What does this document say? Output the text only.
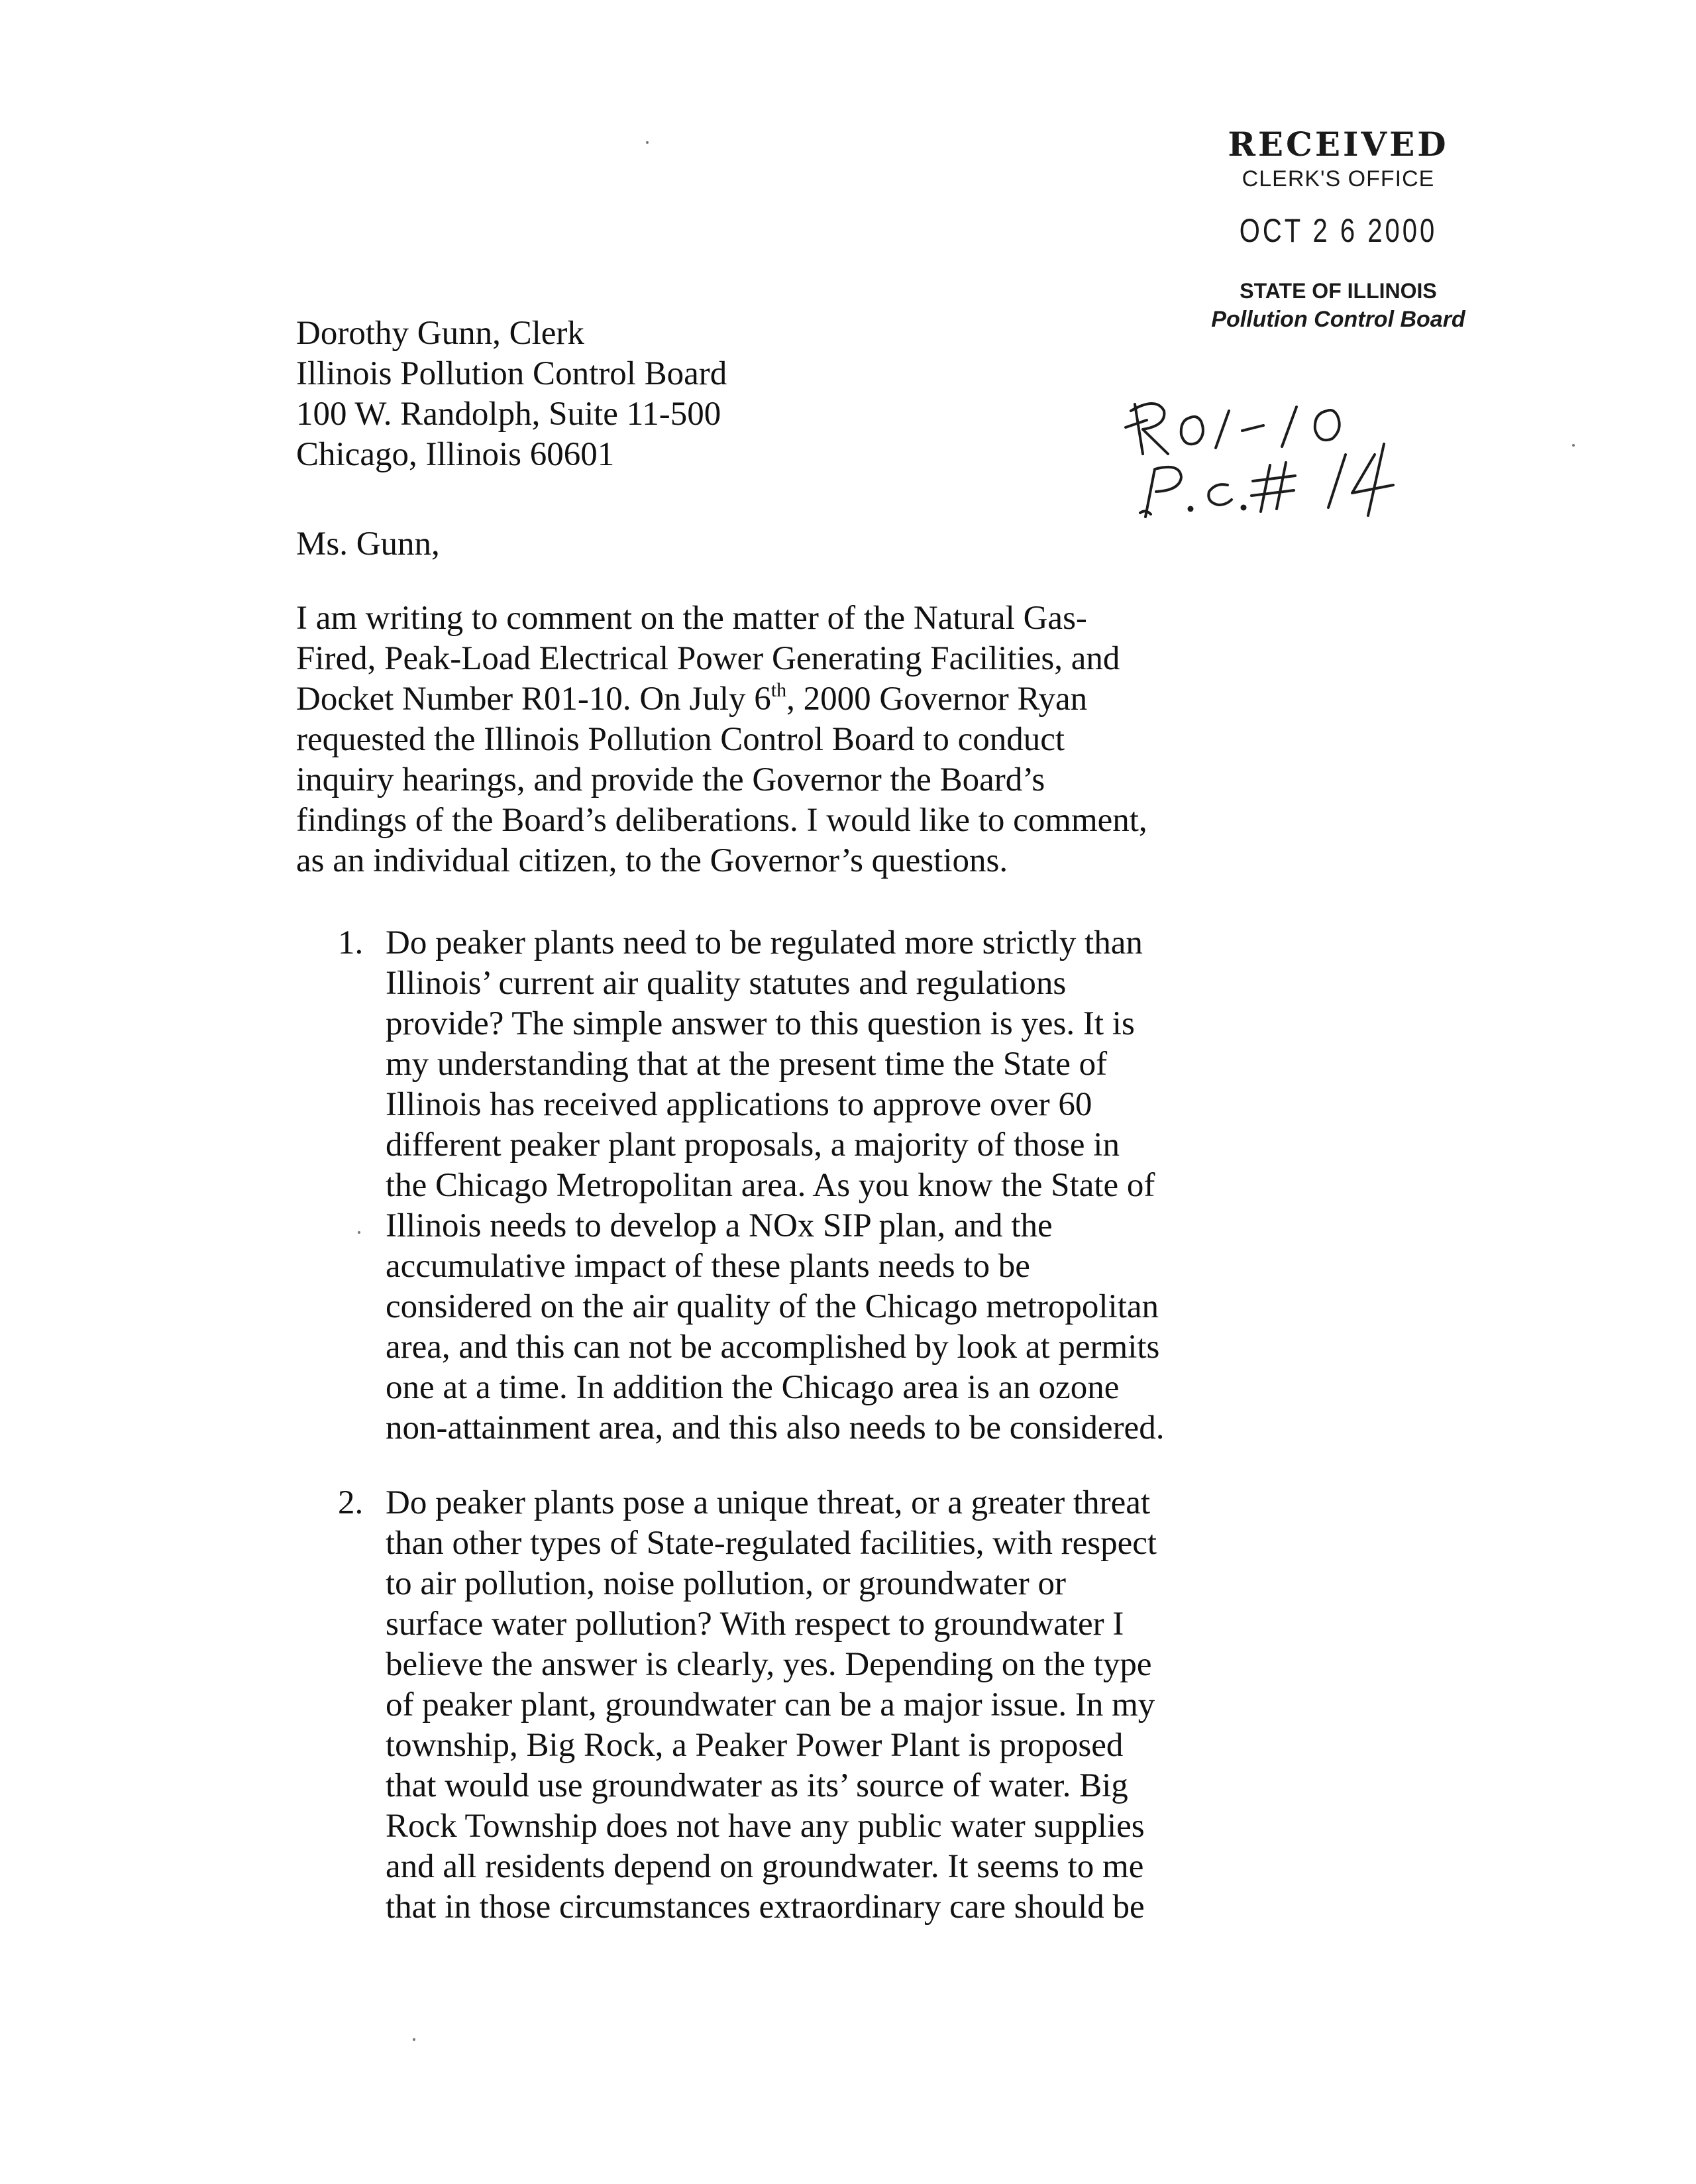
RECEIVED
CLERK'S OFFICE
OCT 2 6 2000
STATE OF ILLINOIS
Pollution Control Board
Dorothy Gunn, Clerk
Illinois Pollution Control Board
100 W. Randolph, Suite 11-500
Chicago, Illinois 60601
Ms. Gunn,
I am writing to comment on the matter of the Natural Gas-
Fired, Peak-Load Electrical Power Generating Facilities, and
Docket Number R01-10. On July 6th, 2000 Governor Ryan
requested the Illinois Pollution Control Board to conduct
inquiry hearings, and provide the Governor the Board’s
findings of the Board’s deliberations. I would like to comment,
as an individual citizen, to the Governor’s questions.
1. Do peaker plants need to be regulated more strictly than
Illinois’ current air quality statutes and regulations
provide? The simple answer to this question is yes. It is
my understanding that at the present time the State of
Illinois has received applications to approve over 60
different peaker plant proposals, a majority of those in
the Chicago Metropolitan area. As you know the State of
Illinois needs to develop a NOx SIP plan, and the
accumulative impact of these plants needs to be
considered on the air quality of the Chicago metropolitan
area, and this can not be accomplished by look at permits
one at a time. In addition the Chicago area is an ozone
non-attainment area, and this also needs to be considered.
2. Do peaker plants pose a unique threat, or a greater threat
than other types of State-regulated facilities, with respect
to air pollution, noise pollution, or groundwater or
surface water pollution? With respect to groundwater I
believe the answer is clearly, yes. Depending on the type
of peaker plant, groundwater can be a major issue. In my
township, Big Rock, a Peaker Power Plant is proposed
that would use groundwater as its’ source of water. Big
Rock Township does not have any public water supplies
and all residents depend on groundwater. It seems to me
that in those circumstances extraordinary care should be
